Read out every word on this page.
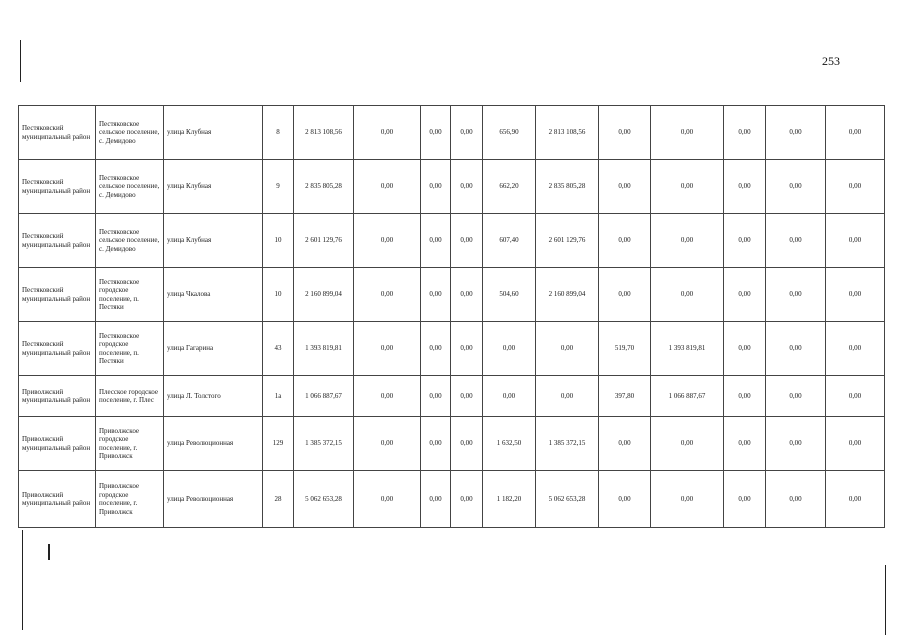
253
Пестяковский муниципальный район	Пестяковское сельское поселение, с. Демидово	улица Клубная	8	2 813 108,56	0,00	0,00	0,00	656,90	2 813 108,56	0,00	0,00	0,00	0,00	0,00
Пестяковский муниципальный район	Пестяковское сельское поселение, с. Демидово	улица Клубная	9	2 835 805,28	0,00	0,00	0,00	662,20	2 835 805,28	0,00	0,00	0,00	0,00	0,00
Пестяковский муниципальный район	Пестяковское сельское поселение, с. Демидово	улица Клубная	10	2 601 129,76	0,00	0,00	0,00	607,40	2 601 129,76	0,00	0,00	0,00	0,00	0,00
Пестяковский муниципальный район	Пестяковское городское поселение, п. Пестяки	улица Чкалова	10	2 160 899,04	0,00	0,00	0,00	504,60	2 160 899,04	0,00	0,00	0,00	0,00	0,00
Пестяковский муниципальный район	Пестяковское городское поселение, п. Пестяки	улица Гагарина	43	1 393 819,81	0,00	0,00	0,00	0,00	0,00	519,70	1 393 819,81	0,00	0,00	0,00
Приволжский муниципальный район	Плесское городское поселение, г. Плес	улица Л. Толстого	1а	1 066 887,67	0,00	0,00	0,00	0,00	0,00	397,80	1 066 887,67	0,00	0,00	0,00
Приволжский муниципальный район	Приволжское городское поселение, г. Приволжск	улица Революционная	129	1 385 372,15	0,00	0,00	0,00	1 632,50	1 385 372,15	0,00	0,00	0,00	0,00	0,00
Приволжский муниципальный район	Приволжское городское поселение, г. Приволжск	улица Революционная	28	5 062 653,28	0,00	0,00	0,00	1 182,20	5 062 653,28	0,00	0,00	0,00	0,00	0,00
